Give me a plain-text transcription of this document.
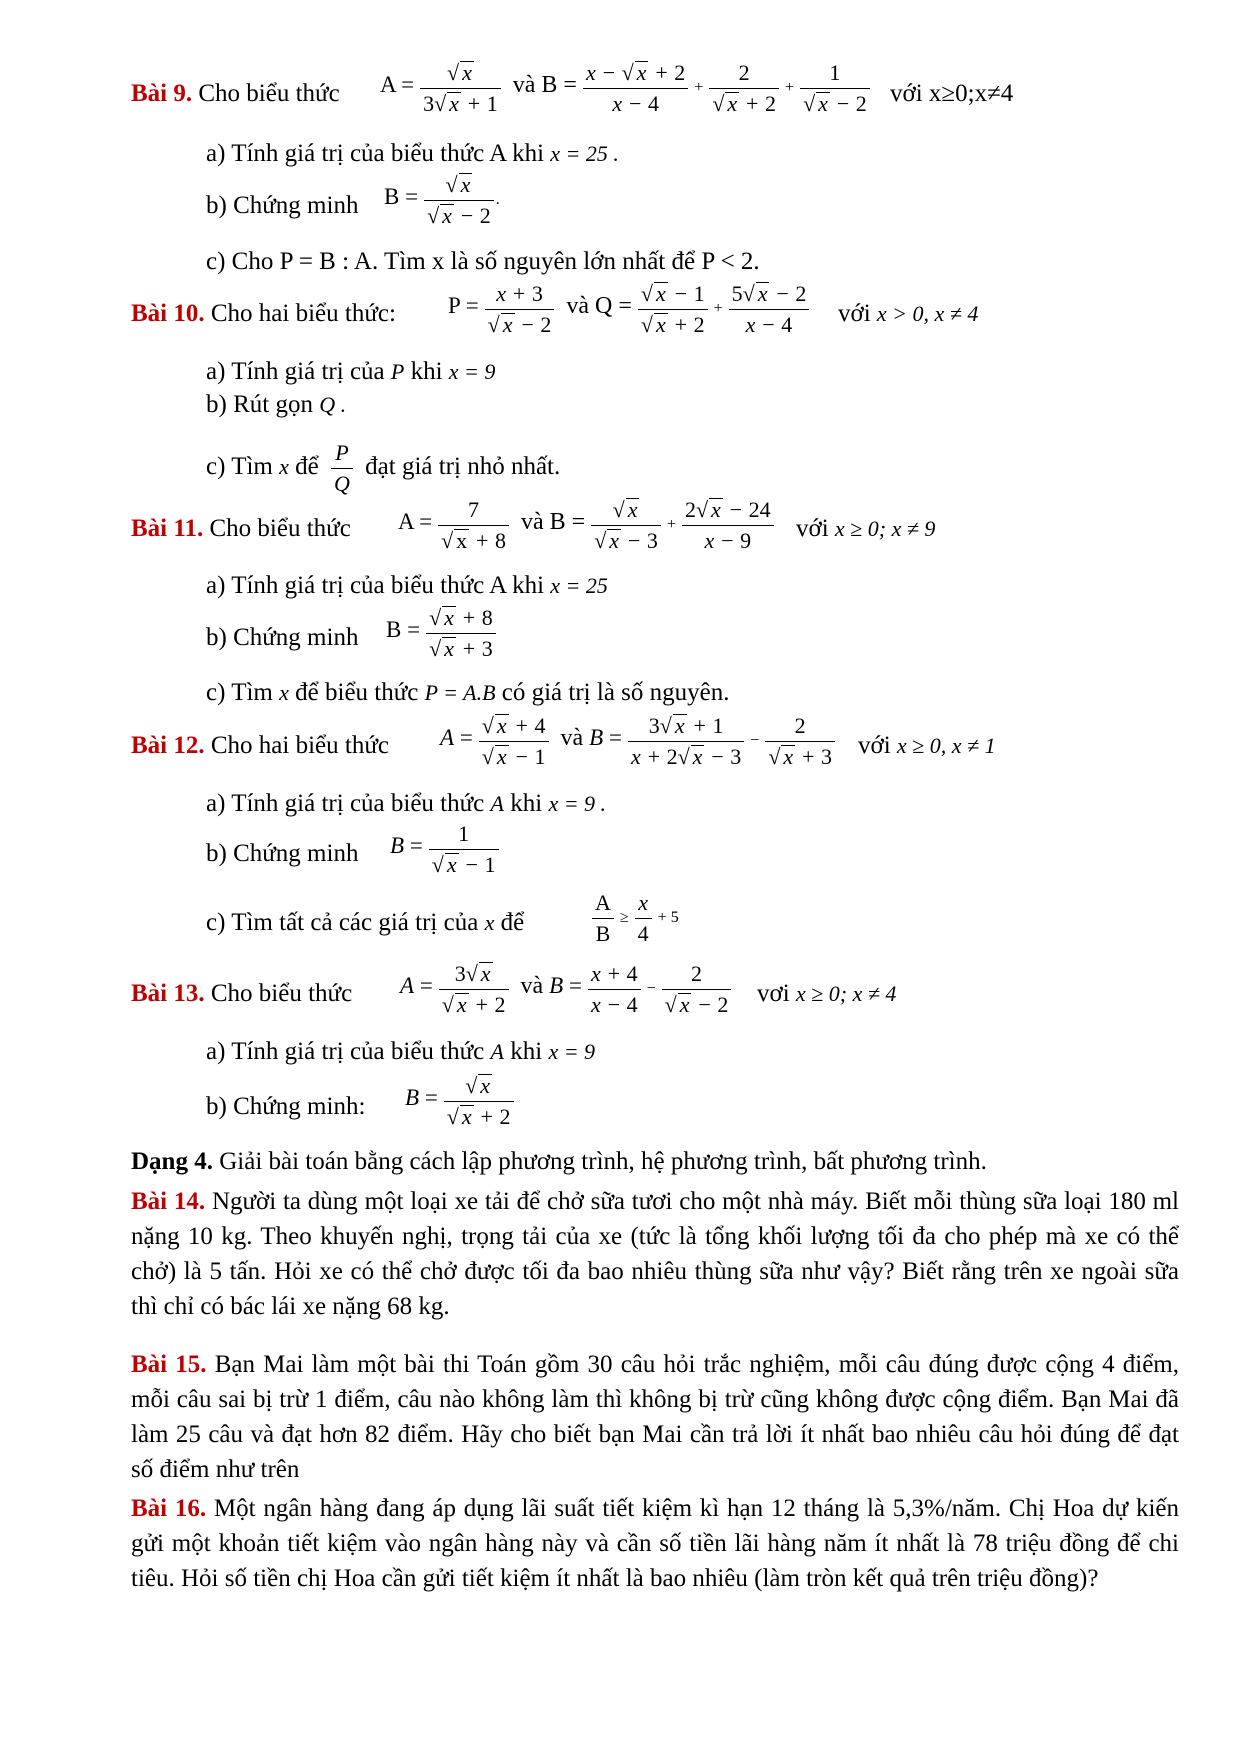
Bài 9. Cho biểu thức $A = \frac{√ x}{3√ x + 1}$ và $B = \frac{x - √ x + 2}{x - 4} + \frac{2}{√ x + 2} + \frac{1}{√ x - 2}$ với x≥0;x≠4
a) Tính giá trị của biểu thức A khi x = 25 .
b) Chứng minh $B = \frac{√ x}{√ x - 2}$ .
c) Cho P = B : A. Tìm x là số nguyên lớn nhất để P < 2.
Bài 10. Cho hai biểu thức: $P = \frac{x + 3}{√ x - 2}$ và $Q = \frac{√ x - 1}{√ x + 2} + \frac{5√ x - 2}{x - 4}$ với x > 0, x ≠ 4
a) Tính giá trị của P khi x = 9
b) Rút gọn Q .
c) Tìm x để $\frac{P}{Q}$ đạt giá trị nhỏ nhất.
Bài 11. Cho biểu thức $A = \frac{7}{√ x + 8}$ và $B = \frac{√ x}{√ x - 3} + \frac{2√ x - 24}{x - 9}$ với x ≥ 0; x ≠ 9
a) Tính giá trị của biểu thức A khi x = 25
b) Chứng minh $B = \frac{√ x + 8}{√ x + 3}$
c) Tìm x để biểu thức P = A.B có giá trị là số nguyên.
Bài 12. Cho hai biểu thức $A = \frac{√ x + 4}{√ x - 1}$ và $B = \frac{3√ x + 1}{x + 2√ x - 3} - \frac{2}{√ x + 3}$ với x ≥ 0, x ≠ 1
a) Tính giá trị của biểu thức A khi x = 9 .
b) Chứng minh $B = \frac{1}{√ x - 1}$
c) Tìm tất cả các giá trị của x để	$\frac{A}{B} \ge \frac{x}{4} + 5$
Bài 13. Cho biểu thức $A = \frac{3√ x}{√ x + 2}$ và $B = \frac{x + 4}{x - 4} - \frac{2}{√ x - 2}$ vơi x ≥ 0; x ≠ 4
a) Tính giá trị của biểu thức A khi x = 9
b) Chứng minh: $B = \frac{√ x}{√ x + 2}$
Dạng 4. Giải bài toán bằng cách lập phương trình, hệ phương trình, bất phương trình.
Bài 14. Người ta dùng một loại xe tải để chở sữa tươi cho một nhà máy. Biết mỗi thùng sữa loại 180 ml nặng 10 kg. Theo khuyến nghị, trọng tải của xe (tức là tổng khối lượng tối đa cho phép mà xe có thể chở) là 5 tấn. Hỏi xe có thể chở được tối đa bao nhiêu thùng sữa như vậy? Biết rằng trên xe ngoài sữa thì chỉ có bác lái xe nặng 68 kg.
Bài 15. Bạn Mai làm một bài thi Toán gồm 30 câu hỏi trắc nghiệm, mỗi câu đúng được cộng 4 điểm, mỗi câu sai bị trừ 1 điểm, câu nào không làm thì không bị trừ cũng không được cộng điểm. Bạn Mai đã làm 25 câu và đạt hơn 82 điểm. Hãy cho biết bạn Mai cần trả lời ít nhất bao nhiêu câu hỏi đúng để đạt số điểm như trên
Bài 16. Một ngân hàng đang áp dụng lãi suất tiết kiệm kì hạn 12 tháng là 5,3%/năm. Chị Hoa dự kiến gửi một khoản tiết kiệm vào ngân hàng này và cần số tiền lãi hàng năm ít nhất là 78 triệu đồng để chi tiêu. Hỏi số tiền chị Hoa cần gửi tiết kiệm ít nhất là bao nhiêu (làm tròn kết quả trên triệu đồng)?
